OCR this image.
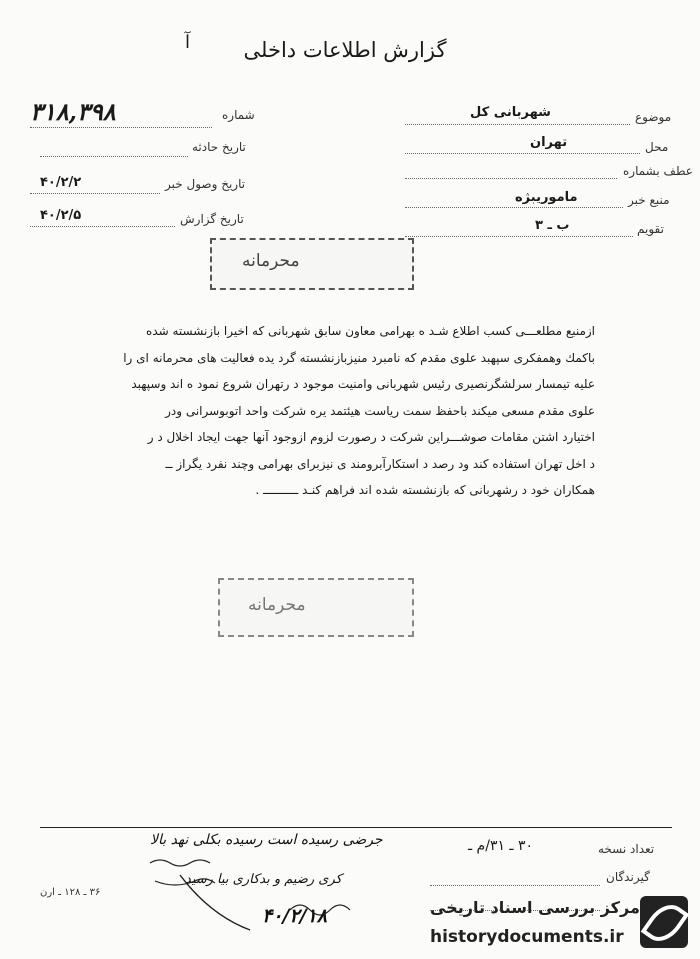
آ	گزارش اطلاعات داخلی
شماره
۳۱۸,۳۹۸
تاریخ حادثه
تاریخ وصول خبر
۴۰/۲/۲
تاریخ گزارش
۴۰/۲/۵
موضوع
شهربانی کل
محل
تهران
عطف بشماره
منبع خبر
ماموریبژه
تقویم
ب ـ ۳
محرمانه

ازمنبع مطلعـــی کسب اطلاع شـد ه بهرامی معاون سابق شهربانی که اخیرا بازنشسته شده

باکمك وهمفکری سپهبد علوی مقدم که نامبرد منیزبازنشسته گرد یده فعالیت های محرمانه ای را

علیه تیمسار سرلشگرنصیری رئیس شهربانی وامنیت موجود د رتهران شروع نمود ه اند وسپهبد

علوی مقدم مسعی میکند باحفظ سمت ریاست هیئتمد یره شرکت واحد اتوبوسرانی ودر

اختیارد اشتن مقامات صوشـــراین شرکت د رصورت لزوم ازوجود آنها جهت ایجاد اخلال د ر

د اخل تهران استفاده کند ود رصد د استکارآبرومند ی نیزبرای بهرامی وچند نفرد یگراز ــ

همکاران خود د رشهربانی که بازنشسته شده اند فراهم کنـد ــــــــــ .

محرمانه
تعداد نسخه
۳۰ ـ ۳۱/م ـ
گیرندگان
جرضی رسیده است رسیده بکلی نهد بالا
کری رضیم و بدکاری بیا رسید
۴۰/۲/۱۸
۳۶ ـ ۱۲۸ ـ ارن
مرکز بررسی اسناد تاریخی
historydocuments.ir
